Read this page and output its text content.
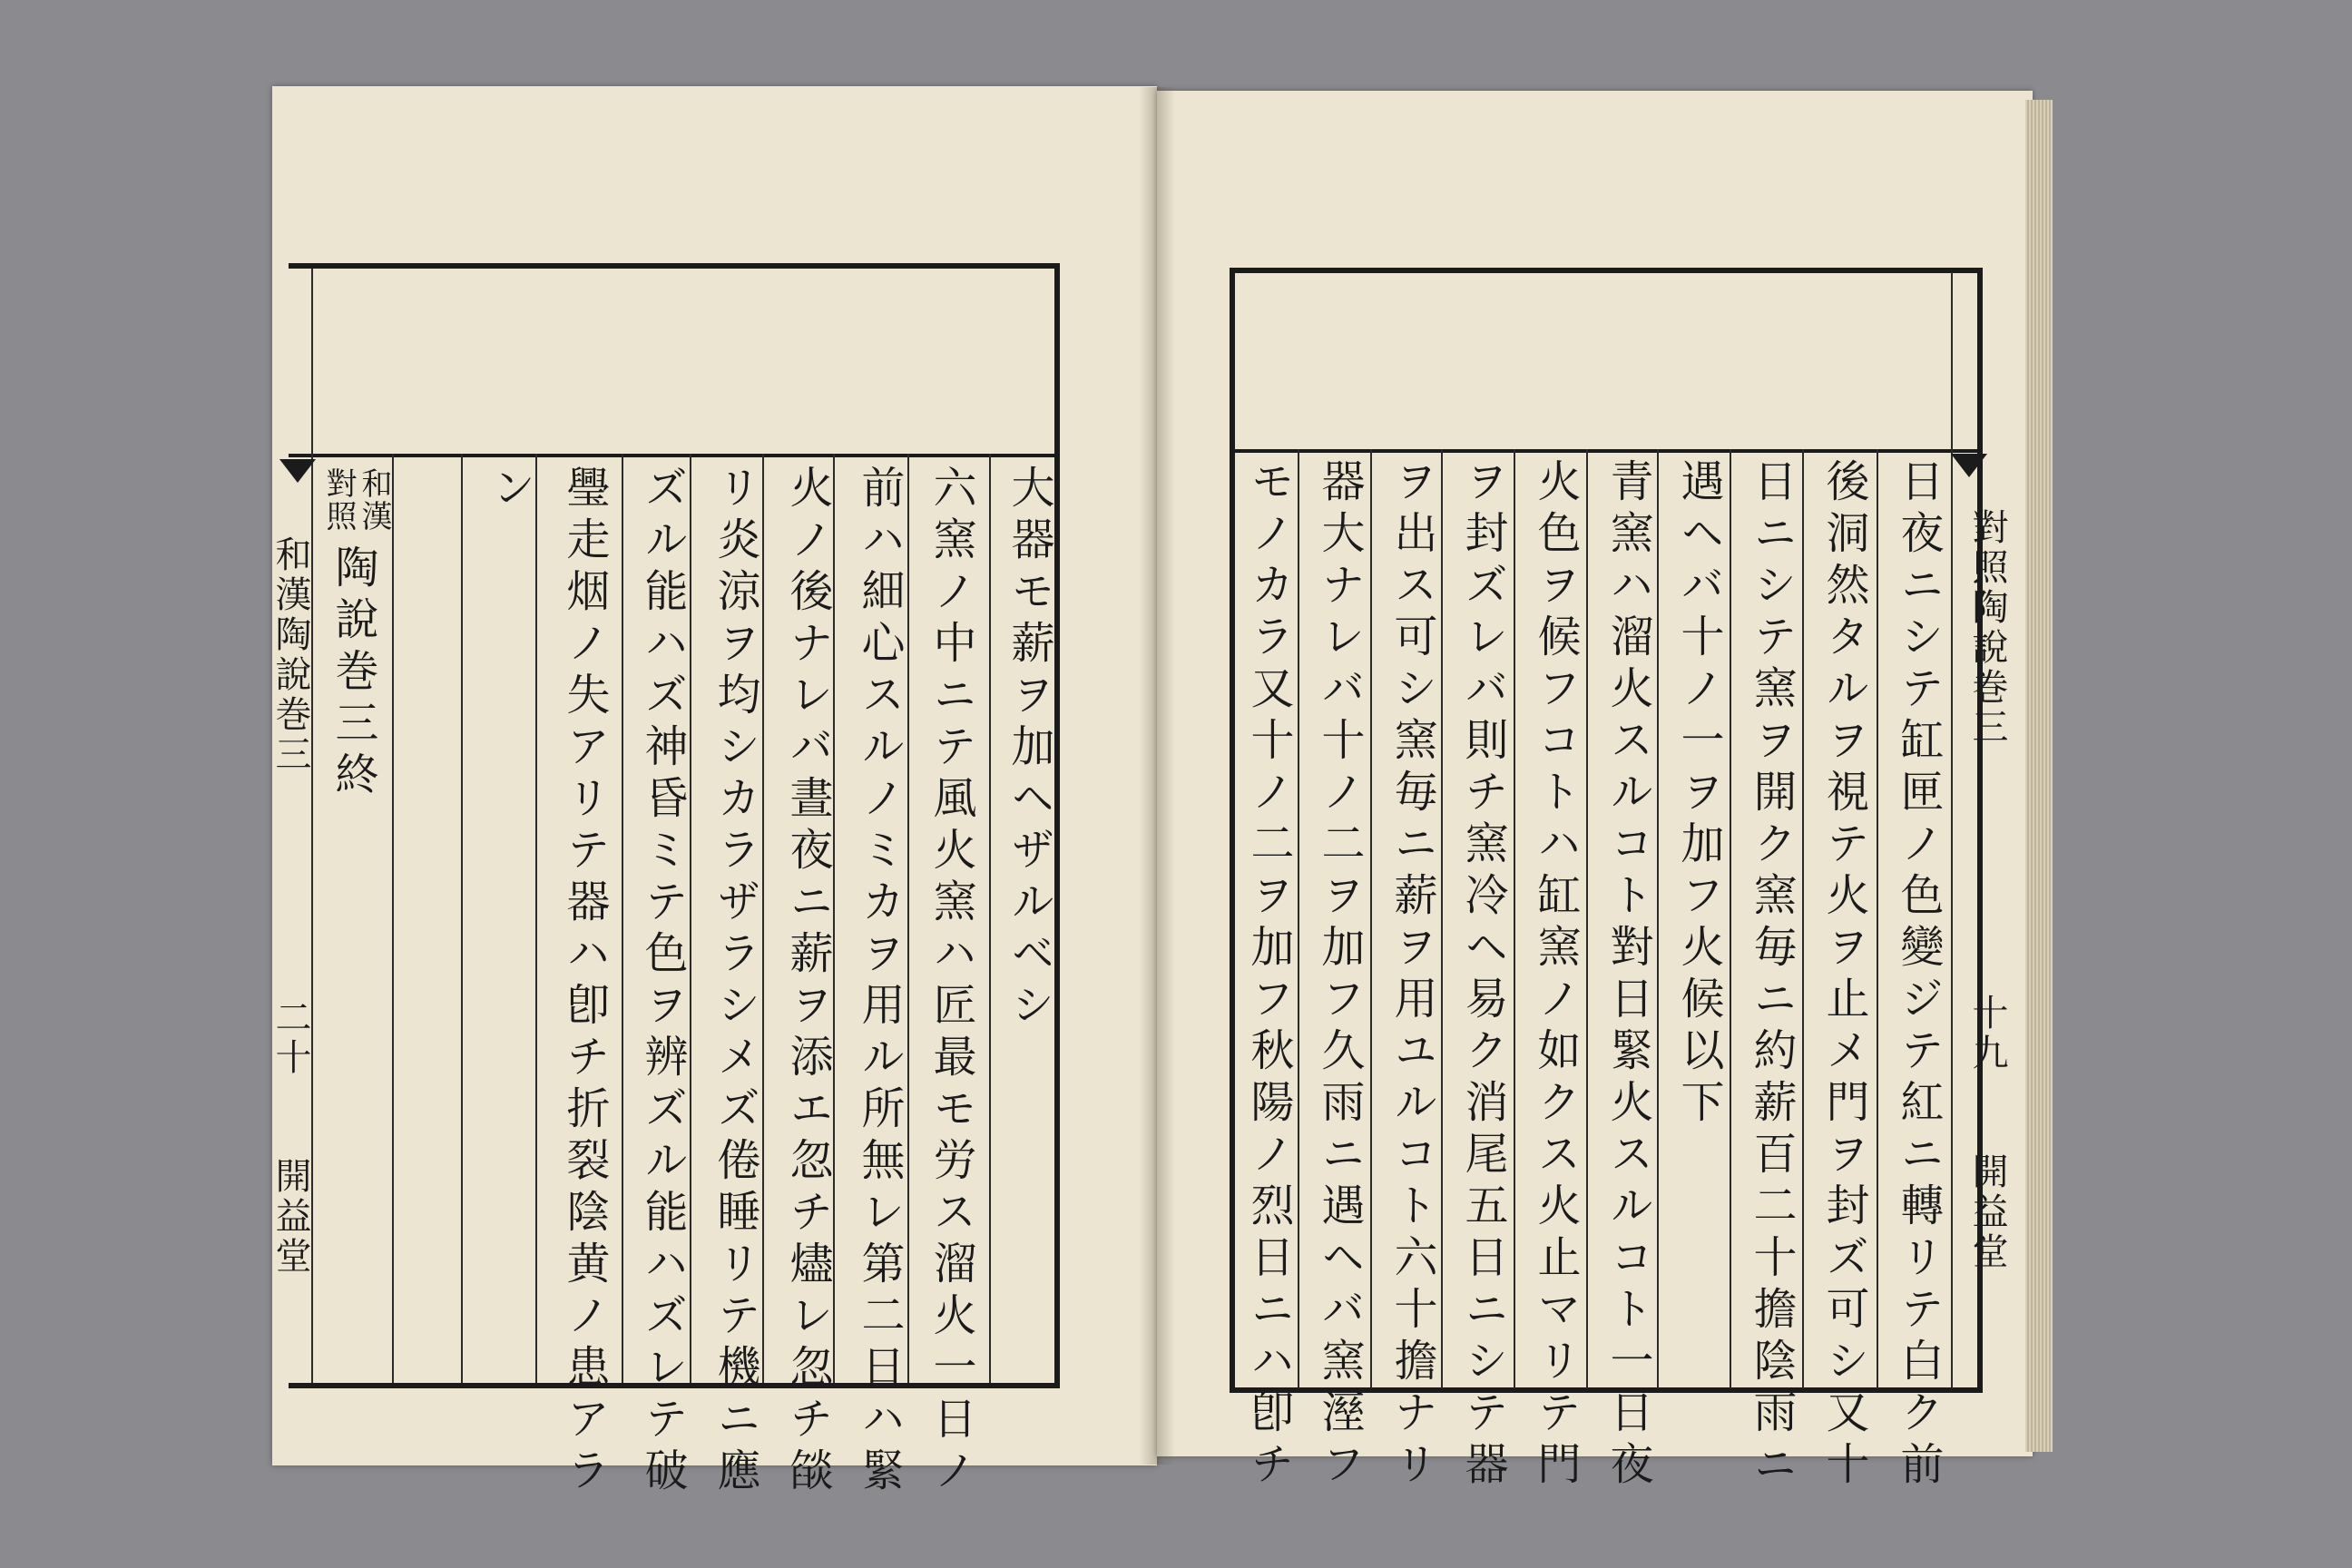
和漢陶說巻三
二十
開益堂
和漢
對照
陶說巻三終	大器モ薪ヲ加ヘザルベシ
六窯ノ中ニテ風火窯ハ匠最モ労ス溜火一日ノ
前ハ細心スルノミカヲ用ル所無レ第二日ハ緊
火ノ後ナレバ晝夜ニ薪ヲ添エ忽チ燼レ忽チ燄
リ炎涼ヲ均シカラザラシメズ倦睡リテ機ニ應
ズル能ハズ神昏ミテ色ヲ辨ズル能ハズレテ破
璺走烟ノ失アリテ器ハ卽チ折裂陰黄ノ患アラ
ン
對照陶說巻三
十九
開益堂
日夜ニシテ缸匣ノ色變ジテ紅ニ轉リテ白ク前
後洞然タルヲ視テ火ヲ止メ門ヲ封ズ可シ又十
日ニシテ窯ヲ開ク窯毎ニ約薪百二十擔陰雨ニ
遇ヘバ十ノ一ヲ加フ火候以下
青窯ハ溜火スルコト對日緊火スルコト一日夜
火色ヲ候フコトハ缸窯ノ如クス火止マリテ門
ヲ封ズレバ則チ窯冷ヘ易ク消尾五日ニシテ器
ヲ出ス可シ窯毎ニ薪ヲ用ユルコト六十擔ナリ
器大ナレバ十ノ二ヲ加フ久雨ニ遇ヘバ窯溼フ
モノカラ又十ノ二ヲ加フ秋陽ノ烈日ニハ卽チ
